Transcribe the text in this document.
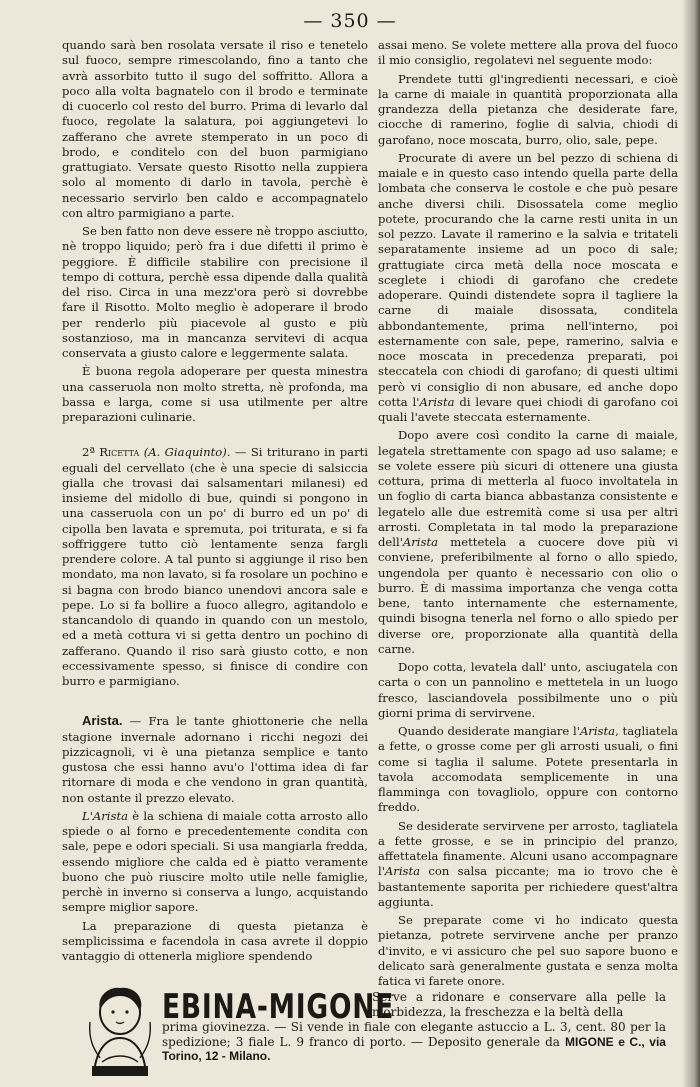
— 350 —

quando sarà ben rosolata versate il riso e tenetelo sul fuoco, sempre rimescolando, fino a tanto che avrà assorbito tutto il sugo del soffritto. Allora a poco alla volta bagnatelo con il brodo e terminate di cuocerlo col resto del burro. Prima di levarlo dal fuoco, regolate la salatura, poi aggiungetevi lo zafferano che avrete stemperato in un poco di brodo, e conditelo con del buon parmigiano grattugiato. Versate questo Risotto nella zuppiera solo al momento di darlo in tavola, perchè è necessario servirlo ben caldo e accompagnatelo con altro parmigiano a parte.

Se ben fatto non deve essere nè troppo asciutto, nè troppo liquido; però fra i due difetti il primo è peggiore. È difficile stabilire con precisione il tempo di cottura, perchè essa dipende dalla qualità del riso. Circa in una mezz'ora però si dovrebbe fare il Risotto. Molto meglio è adoperare il brodo per renderlo più piacevole al gusto e più sostanzioso, ma in mancanza servitevi di acqua conservata a giusto calore e leggermente salata.

È buona regola adoperare per questa minestra una casseruola non molto stretta, nè profonda, ma bassa e larga, come si usa utilmente per altre preparazioni culinarie.

2ª Ricetta (A. Giaquinto). — Si triturano in parti eguali del cervellato (che è una specie di salsiccia gialla che trovasi dai salsamentari milanesi) ed insieme del midollo di bue, quindi si pongono in una casseruola con un po' di burro ed un po' di cipolla ben lavata e spremuta, poi triturata, e si fa soffriggere tutto ciò lentamente senza fargli prendere colore. A tal punto si aggiunge il riso ben mondato, ma non lavato, si fa rosolare un pochino e si bagna con brodo bianco unendovi ancora sale e pepe. Lo si fa bollire a fuoco allegro, agitandolo e stancandolo di quando in quando con un mestolo, ed a metà cottura vi si getta dentro un pochino di zafferano. Quando il riso sarà giusto cotto, e non eccessivamente spesso, si finisce di condire con burro e parmigiano.

Arista. — Fra le tante ghiottonerie che nella stagione invernale adornano i ricchi negozi dei pizzicagnoli, vi è una pietanza semplice e tanto gustosa che essi hanno avu'o l'ottima idea di far ritornare di moda e che vendono in gran quantità, non ostante il prezzo elevato.

L'Arista è la schiena di maiale cotta arrosto allo spiede o al forno e precedentemente condita con sale, pepe e odori speciali. Si usa mangiarla fredda, essendo migliore che calda ed è piatto veramente buono che può riuscire molto utile nelle famiglie, perchè in inverno si conserva a lungo, acquistando sempre miglior sapore.

La preparazione di questa pietanza è semplicissima e facendola in casa avrete il doppio vantaggio di ottenerla migliore spendendo

assai meno. Se volete mettere alla prova del fuoco il mio consiglio, regolatevi nel seguente modo:

Prendete tutti gl'ingredienti necessari, e cioè la carne di maiale in quantità proporzionata alla grandezza della pietanza che desiderate fare, ciocche di ramerino, foglie di salvia, chiodi di garofano, noce moscata, burro, olio, sale, pepe.

Procurate di avere un bel pezzo di schiena di maiale e in questo caso intendo quella parte della lombata che conserva le costole e che può pesare anche diversi chili. Disossatela come meglio potete, procurando che la carne resti unita in un sol pezzo. Lavate il ramerino e la salvia e tritateli separatamente insieme ad un poco di sale; grattugiate circa metà della noce moscata e sceglete i chiodi di garofano che credete adoperare. Quindi distendete sopra il tagliere la carne di maiale disossata, conditela abbondantemente, prima nell'interno, poi esternamente con sale, pepe, ramerino, salvia e noce moscata in precedenza preparati, poi steccatela con chiodi di garofano; di questi ultimi però vi consiglio di non abusare, ed anche dopo cotta l'Arista di levare quei chiodi di garofano coi quali l'avete steccata esternamente.

Dopo avere così condito la carne di maiale, legatela strettamente con spago ad uso salame; e se volete essere più sicuri di ottenere una giusta cottura, prima di metterla al fuoco involtatela in un foglio di carta bianca abbastanza consistente e legatelo alle due estremità come si usa per altri arrosti. Completata in tal modo la preparazione dell'Arista mettetela a cuocere dove più vi conviene, preferibilmente al forno o allo spiedo, ungendola per quanto è necessario con olio o burro. È di massima importanza che venga cotta bene, tanto internamente che esternamente, quindi bisogna tenerla nel forno o allo spiedo per diverse ore, proporzionate alla quantità della carne.

Dopo cotta, levatela dall' unto, asciugatela con carta o con un pannolino e mettetela in un luogo fresco, lasciandovela possibilmente uno o più giorni prima di servirvene.

Quando desiderate mangiare l'Arista, tagliatela a fette, o grosse come per gli arrosti usuali, o fini come si taglia il salume. Potete presentarla in tavola accomodata semplicemente in una flamminga con tovagliolo, oppure con contorno freddo.

Se desiderate servirvene per arrosto, tagliatela a fette grosse, e se in principio del pranzo, affettatela finamente. Alcuni usano accompagnare l'Arista con salsa piccante; ma io trovo che è bastantemente saporita per richiedere quest'altra aggiunta.

Se preparate come vi ho indicato questa pietanza, potrete servirvene anche per pranzo d'invito, e vi assicuro che pel suo sapore buono e delicato sarà generalmente gustata e senza molta fatica vi farete onore.

EBINA-MIGONE
Serve a ridonare e conservare alla pelle la morbidezza, la freschezza e la beltà della
prima giovinezza. — Si vende in fiale con elegante astuccio a L. 3, cent. 80 per la spedizione; 3 fiale L. 9 franco di porto. — Deposito generale da MIGONE e C., via Torino, 12 - Milano.
